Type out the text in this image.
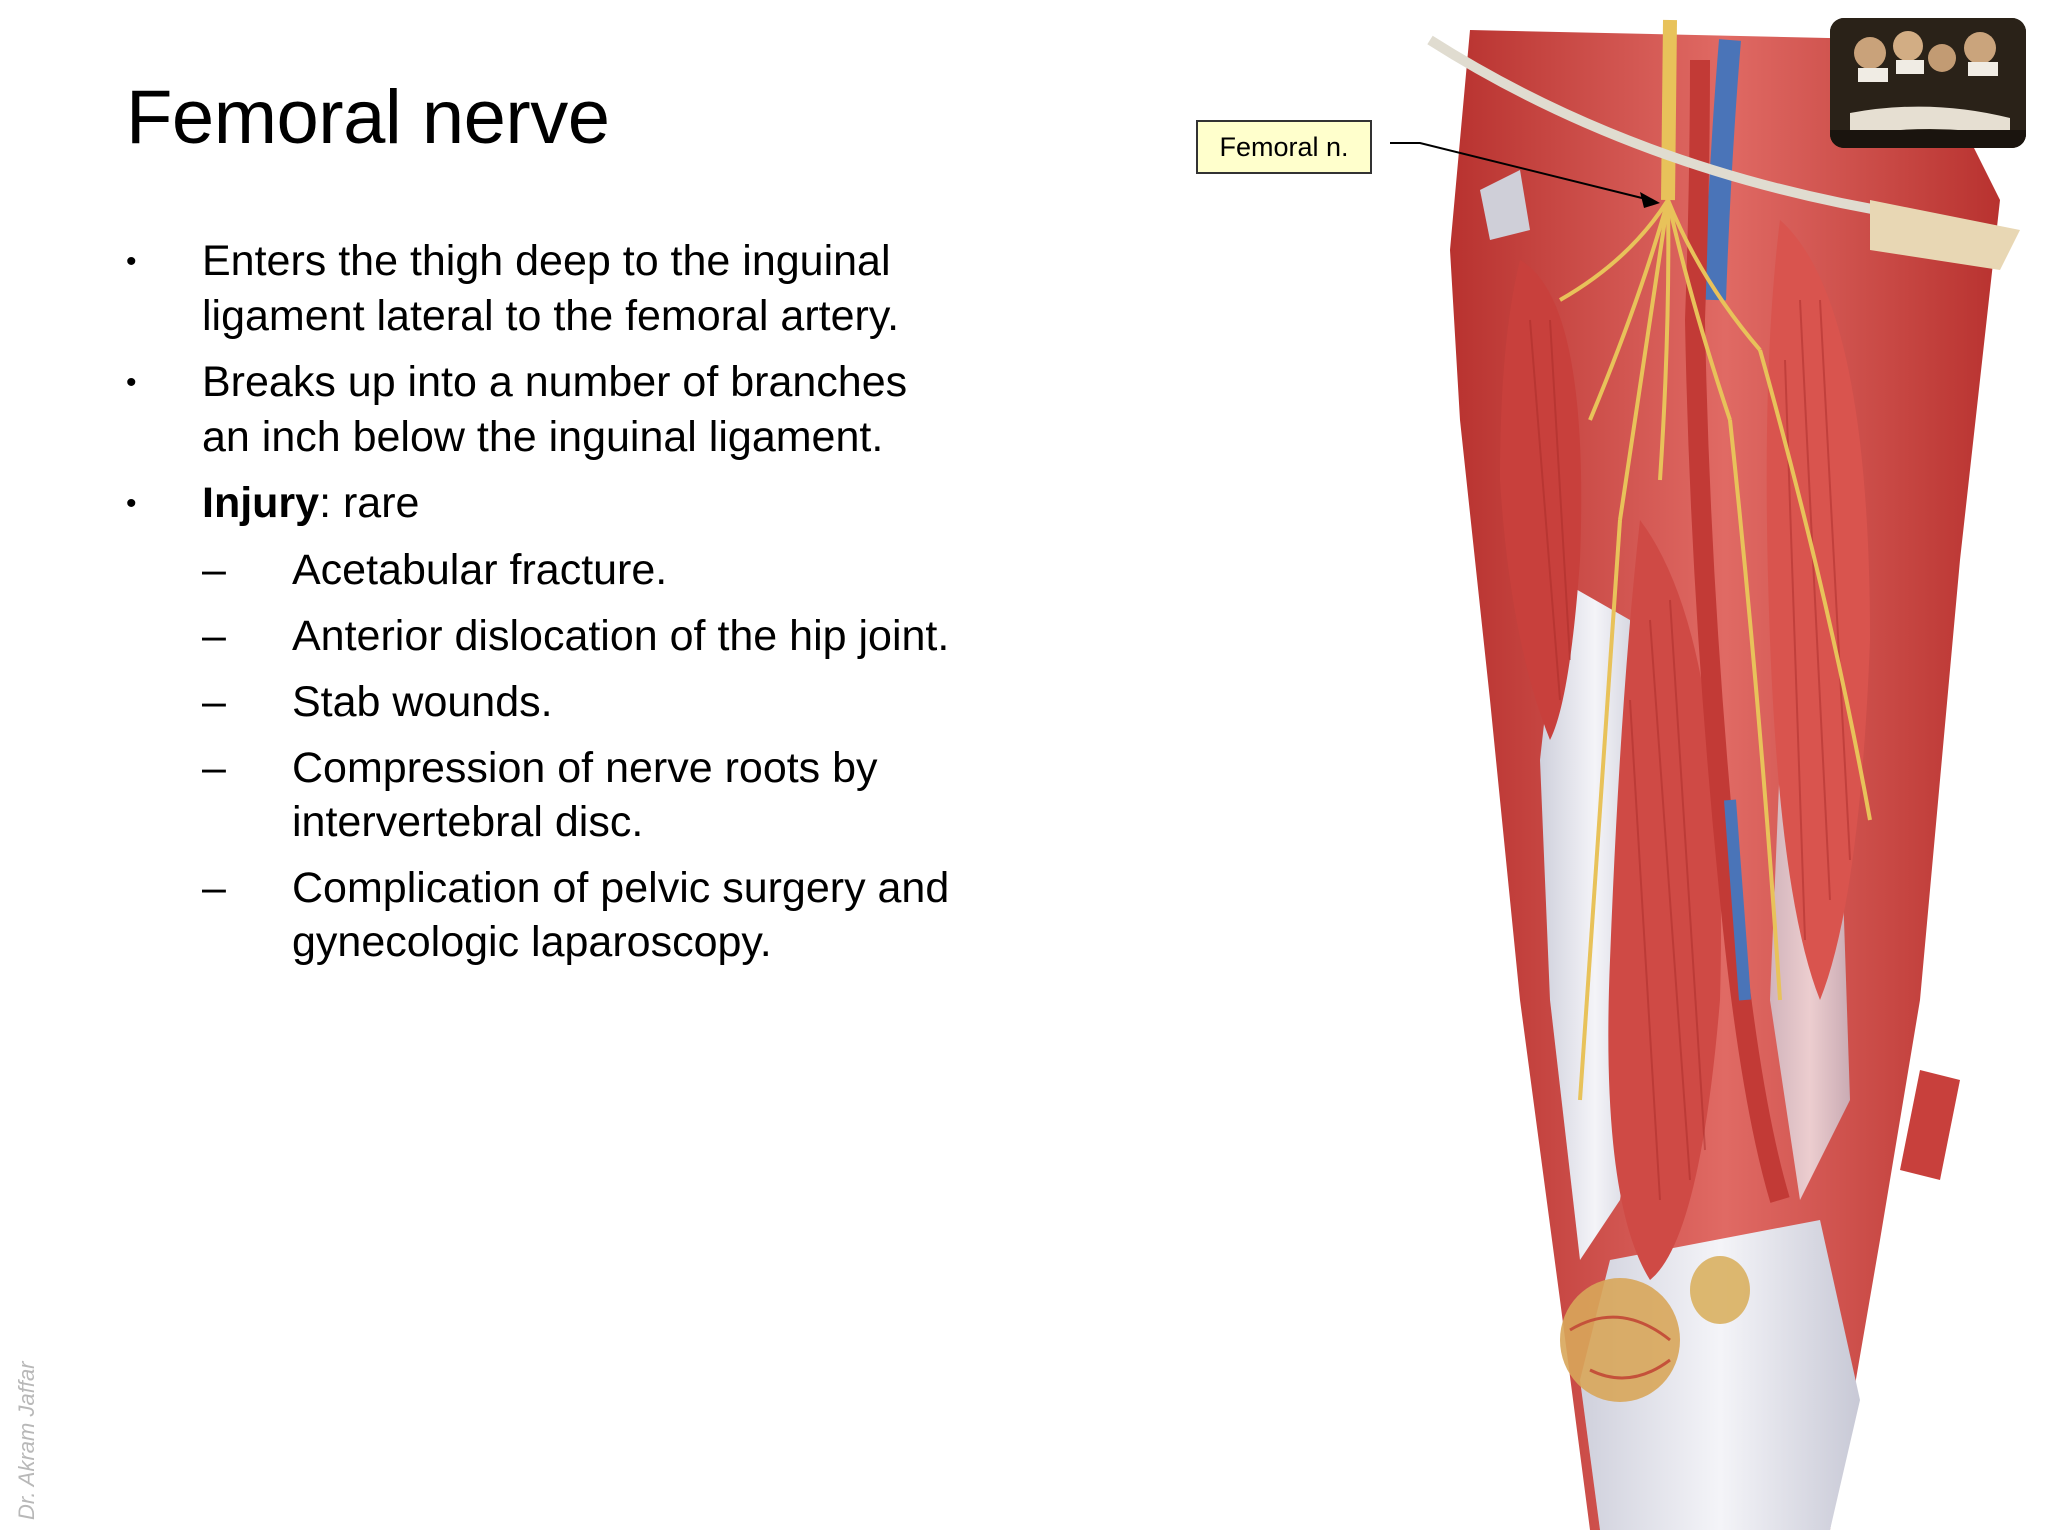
Femoral nerve
• Enters the thigh deep to the inguinal ligament lateral to the femoral artery.
• Breaks up into a number of branches an inch below the inguinal ligament.
• Injury: rare
–	Acetabular fracture.
–	Anterior dislocation of the hip joint.
–	Stab wounds.
–	Compression of nerve roots by intervertebral disc.
–	Complication of pelvic surgery and gynecologic laparoscopy.
Femoral n.
Dr. Akram Jaffar
